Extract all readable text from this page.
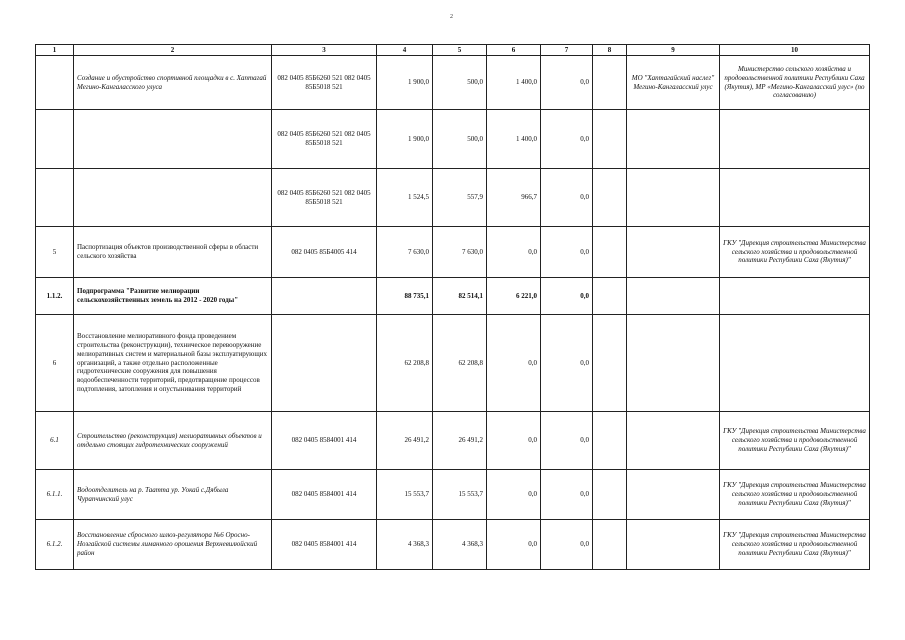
2
1	2	3	4	5	6	7	8	9	10
	Создание и обустройство спортивной площадки в с. Хаптагай Мегино-Кангаласского улуса	082 0405 85Б6260 521 082 0405 85Б5018 521	1 900,0	500,0	1 400,0	0,0		МО "Хаптагайский наслег" Мегино-Кангаласский улус	Министерство сельского хозяйства и продовольственной политики Республики Саха (Якутия), МР «Мегино-Кангаласский улус» (по согласованию)
		082 0405 85Б6260 521 082 0405 85Б5018 521	1 900,0	500,0	1 400,0	0,0			
		082 0405 85Б6260 521 082 0405 85Б5018 521	1 524,5	557,9	966,7	0,0			
5	Паспортизация объектов производственной сферы в области сельского хозяйства	082 0405 85Б4005 414	7 630,0	7 630,0	0,0	0,0			ГКУ "Дирекция строительства Министерства сельского хозяйства и продовольственной политики Республики Саха (Якутия)"
1.1.2.	Подпрограмма "Развитие мелиорации сельскохозяйственных земель на 2012 - 2020 годы"		88 735,1	82 514,1	6 221,0	0,0			
6	Восстановление мелиоративного фонда проведением строительства (реконструкции), техническое перевооружение мелиоративных систем и материальной базы эксплуатирующих организаций, а также отдельно расположенные гидротехнические сооружения для повышения водообеспеченности территорий, предотвращение процессов подтопления, затопления и опустынивания территорий		62 208,8	62 208,8	0,0	0,0			
6.1	Строительство (реконструкция) мелиоративных объектов и отдельно стоящих гидротехнических сооружений	082 0405 8584001 414	26 491,2	26 491,2	0,0	0,0			ГКУ "Дирекция строительства Министерства сельского хозяйства и продовольственной политики Республики Саха (Якутия)"
6.1.1.	Водоотделитель на р. Таатта ур. Уокай с.Дябыла Чурапчинский улус	082 0405 8584001 414	15 553,7	15 553,7	0,0	0,0			ГКУ "Дирекция строительства Министерства сельского хозяйства и продовольственной политики Республики Саха (Якутия)"
6.1.2.	Восстановление сбросного шлюз-регулятора №6 Оросно-Нозгайской системы лиманного орошения Верхневилюйский район	082 0405 8584001 414	4 368,3	4 368,3	0,0	0,0			ГКУ "Дирекция строительства Министерства сельского хозяйства и продовольственной политики Республики Саха (Якутия)"
